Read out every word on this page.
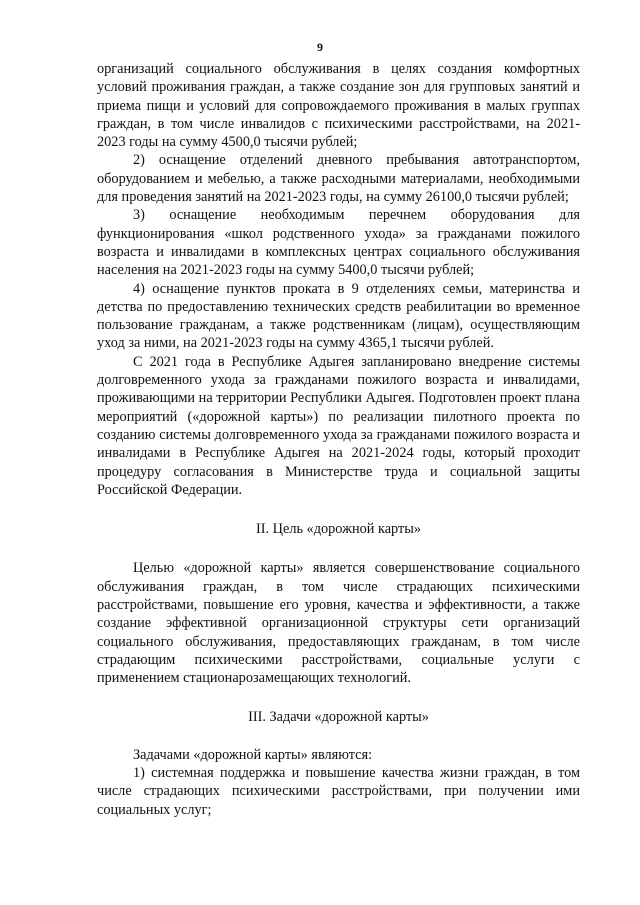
9

организаций социального обслуживания в целях создания комфортных условий проживания граждан, а также создание зон для групповых занятий и приема пищи и условий для сопровождаемого проживания в малых группах граждан, в том числе инвалидов с психическими расстройствами, на 2021-2023 годы на сумму 4500,0 тысячи рублей;

2) оснащение отделений дневного пребывания автотранспортом, оборудованием и мебелью, а также расходными материалами, необходимыми для проведения занятий на 2021-2023 годы, на сумму 26100,0 тысячи рублей;

3) оснащение необходимым перечнем оборудования для функционирования «школ родственного ухода» за гражданами пожилого возраста и инвалидами в комплексных центрах социального обслуживания населения на 2021-2023 годы на сумму 5400,0 тысячи рублей;

4) оснащение пунктов проката в 9 отделениях семьи, материнства и детства по предоставлению технических средств реабилитации во временное пользование гражданам, а также родственникам (лицам), осуществляющим уход за ними, на 2021-2023 годы на сумму 4365,1 тысячи рублей.

С 2021 года в Республике Адыгея запланировано внедрение системы долговременного ухода за гражданами пожилого возраста и инвалидами, проживающими на территории Республики Адыгея. Подготовлен проект плана мероприятий («дорожной карты») по реализации пилотного проекта по созданию системы долговременного ухода за гражданами пожилого возраста и инвалидами в Республике Адыгея на 2021-2024 годы, который проходит процедуру согласования в Министерстве труда и социальной защиты Российской Федерации.

II. Цель «дорожной карты»

Целью «дорожной карты» является совершенствование социального обслуживания граждан, в том числе страдающих психическими расстройствами, повышение его уровня, качества и эффективности, а также создание эффективной организационной структуры сети организаций социального обслуживания, предоставляющих гражданам, в том числе страдающим психическими расстройствами, социальные услуги с применением стационарозамещающих технологий.

III. Задачи «дорожной карты»

Задачами «дорожной карты» являются:

1) системная поддержка и повышение качества жизни граждан, в том числе страдающих психическими расстройствами, при получении ими социальных услуг;
